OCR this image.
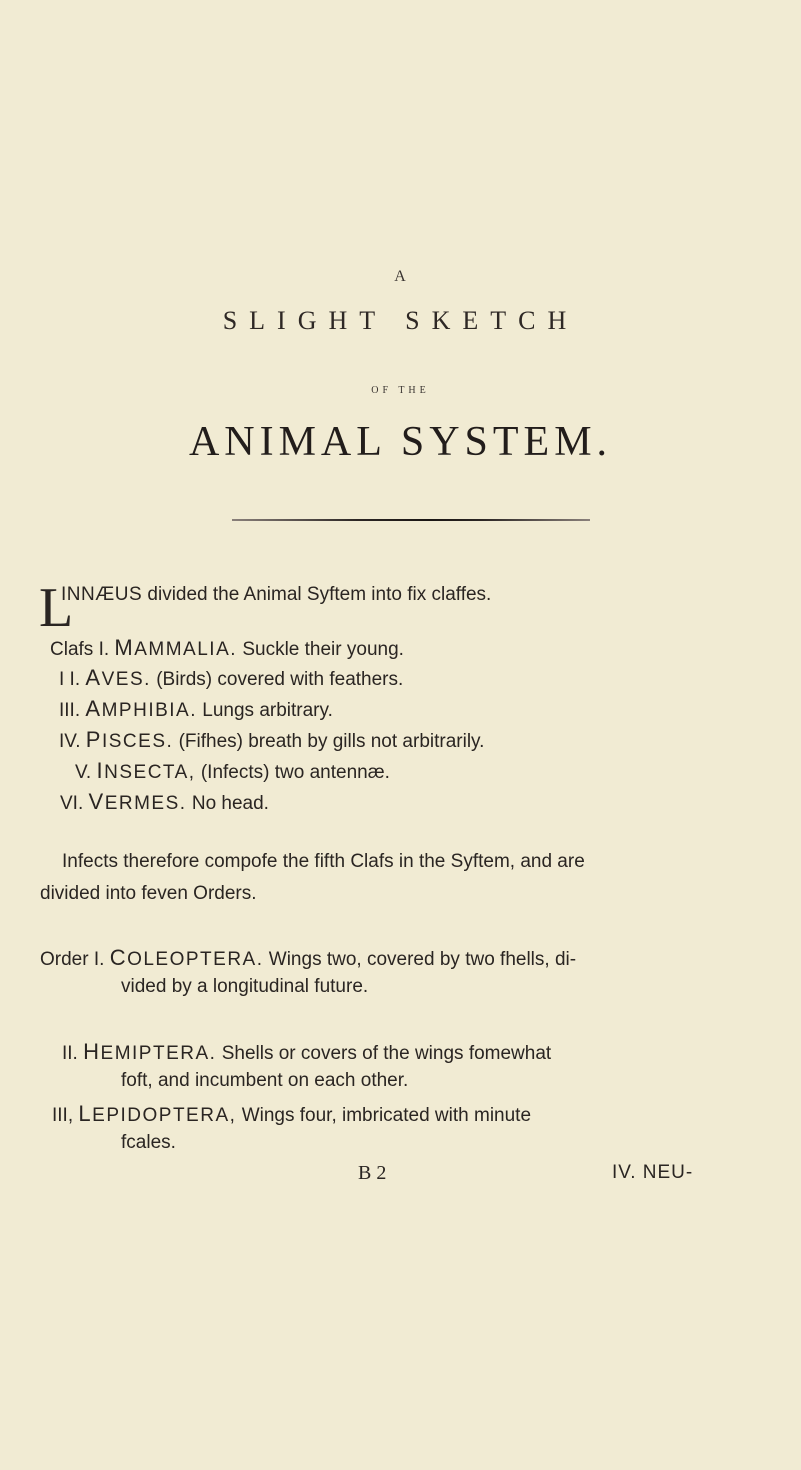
A
SLIGHT SKETCH
OF THE
ANIMAL SYSTEM.
L
INNÆUS divided the Animal Syftem into fix claffes.
Clafs I. MAMMALIA. Suckle their young.
I I. AVES. (Birds) covered with feathers.
III. AMPHIBIA. Lungs arbitrary.
IV. PISCES. (Fifhes) breath by gills not arbitrarily.
V. INSECTA, (Infects) two antennæ.
VI. VERMES. No head.
Infects therefore compofe the fifth Clafs in the Syftem, and are
divided into feven Orders.
Order I. COLEOPTERA. Wings two, covered by two fhells, di-
vided by a longitudinal future.
II. HEMIPTERA. Shells or covers of the wings fomewhat
foft, and incumbent on each other.
III, LEPIDOPTERA, Wings four, imbricated with minute
fcales.
B 2	IV. NEU-
